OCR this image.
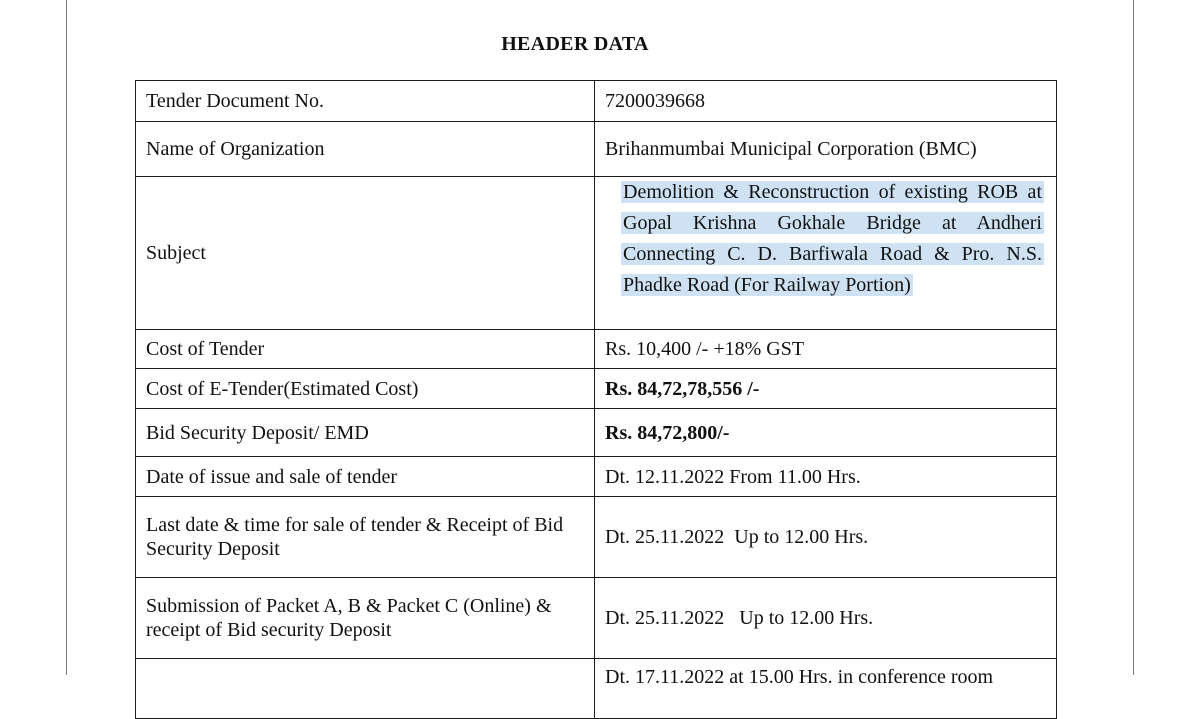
HEADER DATA
Tender Document No.	7200039668
Name of Organization	Brihanmumbai Municipal Corporation (BMC)
Subject	Demolition & Reconstruction of existing ROB at Gopal Krishna Gokhale Bridge at Andheri Connecting C. D. Barfiwala Road & Pro. N.S. Phadke Road (For Railway Portion)

Cost of Tender	Rs. 10,400 /- +18% GST
Cost of E-Tender(Estimated Cost)	Rs. 84,72,78,556 /-
Bid Security Deposit/ EMD	Rs. 84,72,800/-
Date of issue and sale of tender	Dt. 12.11.2022 From 11.00 Hrs.
Last date & time for sale of tender & Receipt of Bid Security Deposit	Dt. 25.11.2022  Up to 12.00 Hrs.
Submission of Packet A, B & Packet C (Online) & receipt of Bid security Deposit	Dt. 25.11.2022   Up to 12.00 Hrs.

	Dt. 17.11.2022 at 15.00 Hrs. in conference room
